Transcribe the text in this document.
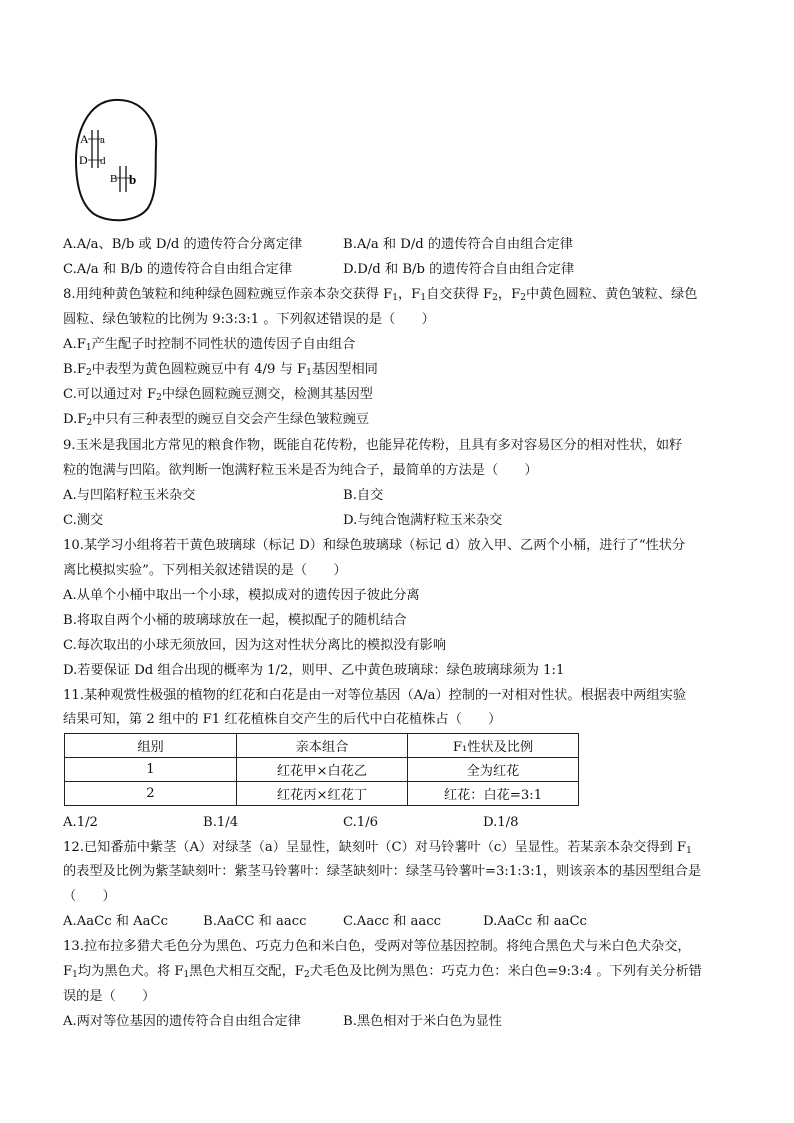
A a
D d
B b
A.A/a、B/b 或 D/d 的遗传符合分离定律	B.A/a 和 D/d 的遗传符合自由组合定律
C.A/a 和 B/b 的遗传符合自由组合定律	D.D/d 和 B/b 的遗传符合自由组合定律
8.用纯种黄色皱粒和纯种绿色圆粒豌豆作亲本杂交获得 $F_1$，$F_1$自交获得 $F_2$，$F_2$中黄色圆粒、黄色皱粒、绿色
圆粒、绿色皱粒的比例为 9:3:3:1 。下列叙述错误的是（　　）
$A.F_1$产生配子时控制不同性状的遗传因子自由组合
$B.F_2$中表型为黄色圆粒豌豆中有 4/9 与 $F_1$基因型相同
C.可以通过对 $F_2$中绿色圆粒豌豆测交，检测其基因型
$D.F_2$中只有三种表型的豌豆自交会产生绿色皱粒豌豆
9.玉米是我国北方常见的粮食作物，既能自花传粉，也能异花传粉，且具有多对容易区分的相对性状，如籽
粒的饱满与凹陷。欲判断一饱满籽粒玉米是否为纯合子，最简单的方法是（　　）
A.与凹陷籽粒玉米杂交	B.自交
C.测交	D.与纯合饱满籽粒玉米杂交
10.某学习小组将若干黄色玻璃球（标记 D）和绿色玻璃球（标记 d）放入甲、乙两个小桶，进行了“性状分
离比模拟实验”。下列相关叙述错误的是（　　）
A.从单个小桶中取出一个小球，模拟成对的遗传因子彼此分离
B.将取自两个小桶的玻璃球放在一起，模拟配子的随机结合
C.每次取出的小球无须放回，因为这对性状分离比的模拟没有影响
D.若要保证 Dd 组合出现的概率为 1/2，则甲、乙中黄色玻璃球：绿色玻璃球须为 1:1
11.某种观赏性极强的植物的红花和白花是由一对等位基因（A/a）控制的一对相对性状。根据表中两组实验
结果可知，第 2 组中的 F1 红花植株自交产生的后代中白花植株占（　　）
组别	亲本组合	F₁性状及比例
1	红花甲×白花乙	全为红花
2	红花丙×红花丁	红花：白花=3:1
A.1/2	B.1/4	C.1/6	D.1/8
12.已知番茄中紫茎（A）对绿茎（a）呈显性，缺刻叶（C）对马铃薯叶（c）呈显性。若某亲本杂交得到 $F_1$
的表型及比例为紫茎缺刻叶：紫茎马铃薯叶：绿茎缺刻叶：绿茎马铃薯叶=3:1:3:1，则该亲本的基因型组合是
（　　）
A.AaCc 和 AaCc	B.AaCC 和 aacc	C.Aacc 和 aacc	D.AaCc 和 aaCc
13.拉布拉多猎犬毛色分为黑色、巧克力色和米白色，受两对等位基因控制。将纯合黑色犬与米白色犬杂交，
$F_1$均为黑色犬。将 $F_1$黑色犬相互交配，$F_2$犬毛色及比例为黑色：巧克力色：米白色=9:3:4 。下列有关分析错
误的是（　　）
A.两对等位基因的遗传符合自由组合定律	B.黑色相对于米白色为显性
